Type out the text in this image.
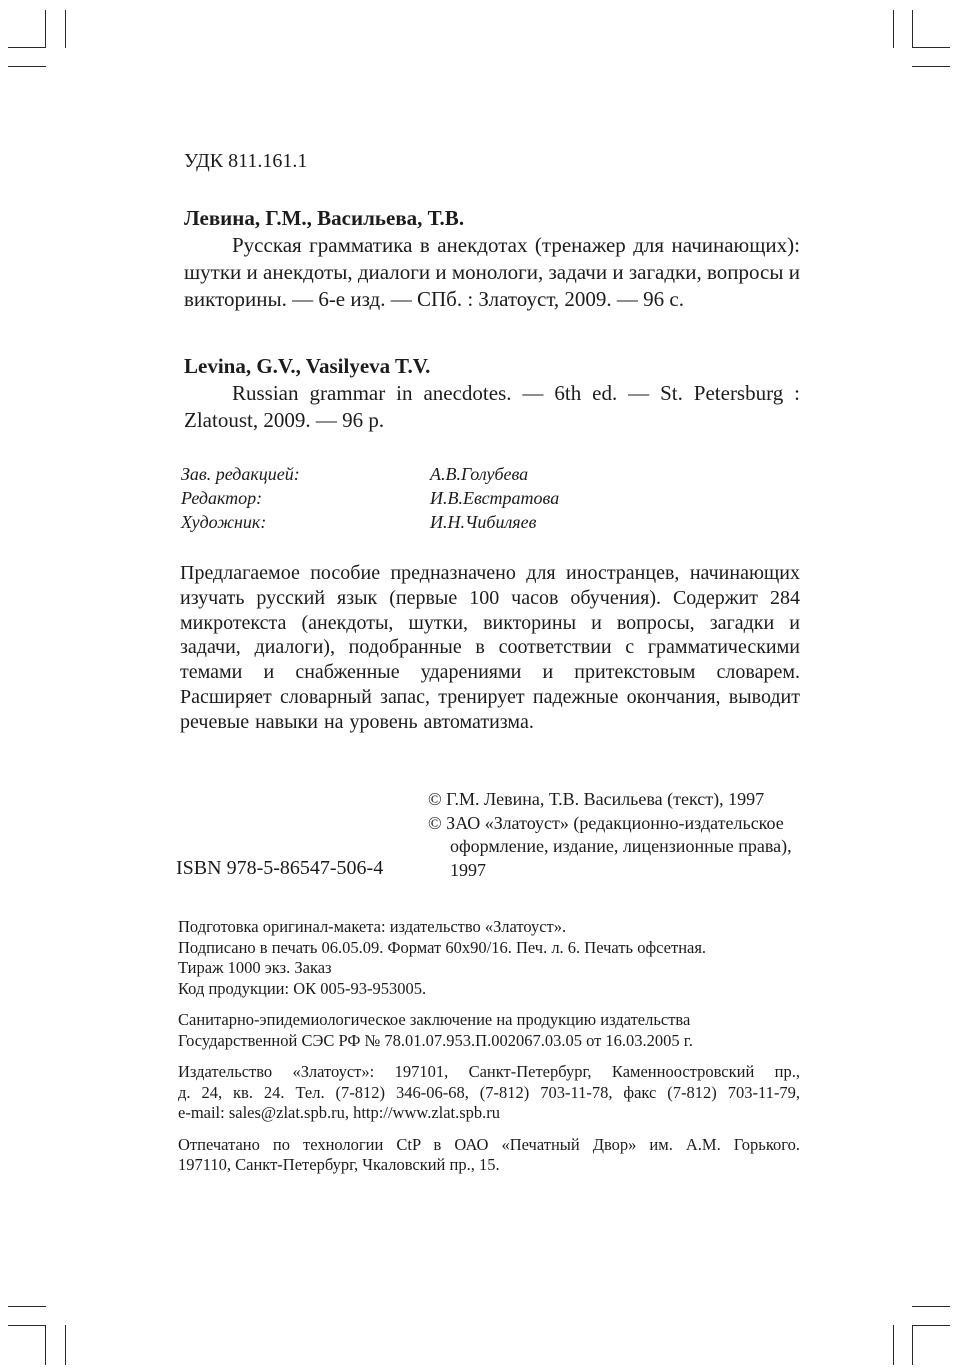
УДК 811.161.1
Левина, Г.М., Васильева, Т.В.
Русская грамматика в анекдотах (тренажер для начинающих): шутки и анекдоты, диалоги и монологи, задачи и загадки, вопросы и викторины. — 6-е изд. — СПб. : Златоуст, 2009. — 96 с.
Levina, G.V., Vasilyeva T.V.
Russian grammar in anecdotes. — 6th ed. — St. Petersburg : Zlatoust, 2009. — 96 p.
Зав. редакцией:	А.В.Голубева
Редактор:	И.В.Евстратова
Художник:	И.Н.Чибиляев
Предлагаемое пособие предназначено для иностранцев, начинающих изучать русский язык (первые 100 часов обучения). Содержит 284 микротекста (анекдоты, шутки, викторины и вопросы, загадки и задачи, диалоги), подобранные в соответствии с грамматическими темами и снабженные ударениями и притекстовым словарем. Расширяет словарный запас, тренирует падежные окончания, выводит речевые навыки на уровень автоматизма.
© Г.М. Левина, Т.В. Васильева (текст), 1997
© ЗАО «Златоуст» (редакционно-издательское оформление, издание, лицензионные права), 1997
ISBN 978-5-86547-506-4
Подготовка оригинал-макета: издательство «Златоуст».
Подписано в печать 06.05.09. Формат 60x90/16. Печ. л. 6. Печать офсетная.
Тираж 1000 экз. Заказ
Код продукции: ОК 005-93-953005.
Санитарно-эпидемиологическое заключение на продукцию издательства
Государственной СЭС РФ № 78.01.07.953.П.002067.03.05 от 16.03.2005 г.
Издательство «Златоуст»: 197101, Санкт-Петербург, Каменноостровский пр.,
д. 24, кв. 24. Тел. (7-812) 346-06-68, (7-812) 703-11-78, факс (7-812) 703-11-79,
e-mail: sales@zlat.spb.ru, http://www.zlat.spb.ru
Отпечатано по технологии CtP в ОАО «Печатный Двор» им. А.М. Горького.
197110, Санкт-Петербург, Чкаловский пр., 15.
